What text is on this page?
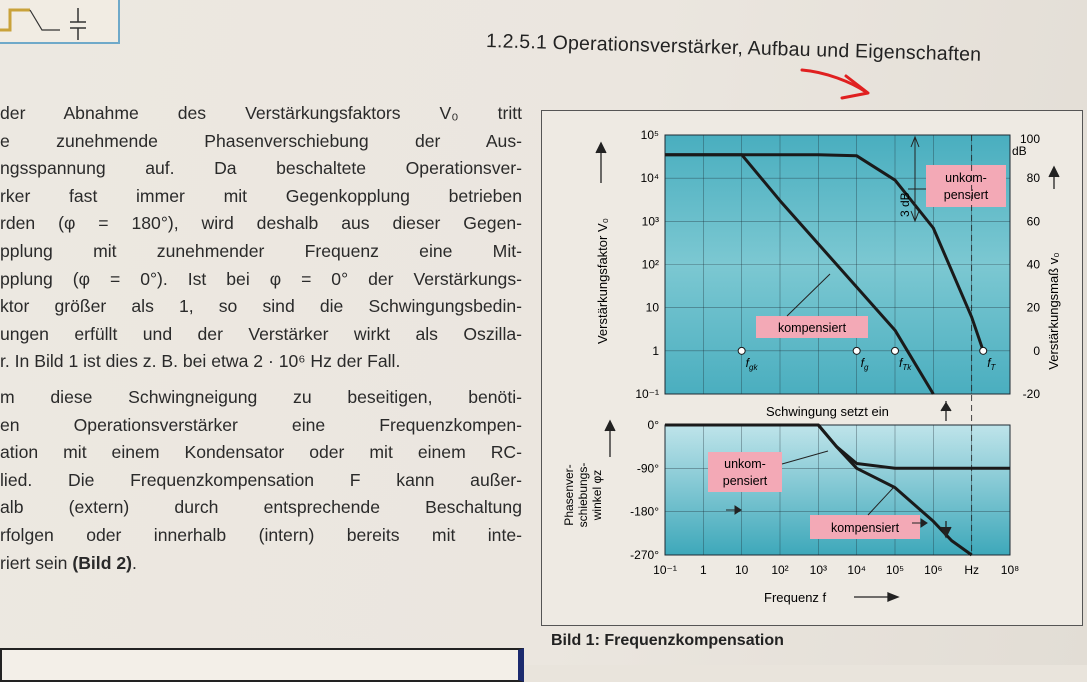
1.2.5.1 Operationsverstärker, Aufbau und Eigenschaften
der Abnahme des Verstärkungsfaktors V₀ tritt
e zunehmende Phasenverschiebung der Aus-
ngsspannung auf. Da beschaltete Operationsver-
rker fast immer mit Gegenkopplung betrieben
rden (φ = 180°), wird deshalb aus dieser Gegen-
pplung mit zunehmender Frequenz eine Mit-
pplung (φ = 0°). Ist bei φ = 0° der Verstärkungs-
ktor größer als 1, so sind die Schwingungsbedin-
ungen erfüllt und der Verstärker wirkt als Oszilla-
r. In Bild 1 ist dies z. B. bei etwa 2 · 10⁶ Hz der Fall.
m diese Schwingneigung zu beseitigen, benöti-
en Operationsverstärker eine Frequenzkompen-
ation mit einem Kondensator oder mit einem RC-
lied. Die Frequenzkompensation F kann außer-
alb (extern) durch entsprechende Beschaltung
rfolgen oder innerhalb (intern) bereits mit inte-
riert sein (Bild 2).
10⁻¹
1
10
10²
10³
10⁴
10⁵
-20
0
20
40
60
80
100
0°
-90°
-180°
-270°
10⁻¹ 1 10 10² 10³ 10⁴ 10⁵ 10⁶ Hz 10⁸
dB
Verstärkungsfaktor V₀	Verstärkungsmaß v₀
Phasenver- schiebungs- winkel φz
Frequenz f
3 dB
Schwingung setzt ein
unkom-
pensiert
kompensiert
unkom-
pensiert
kompensiert
$f_{gk}$	$f_g$	$f_{Tk}$	$f_T$
Bild 1: Frequenzkompensation
